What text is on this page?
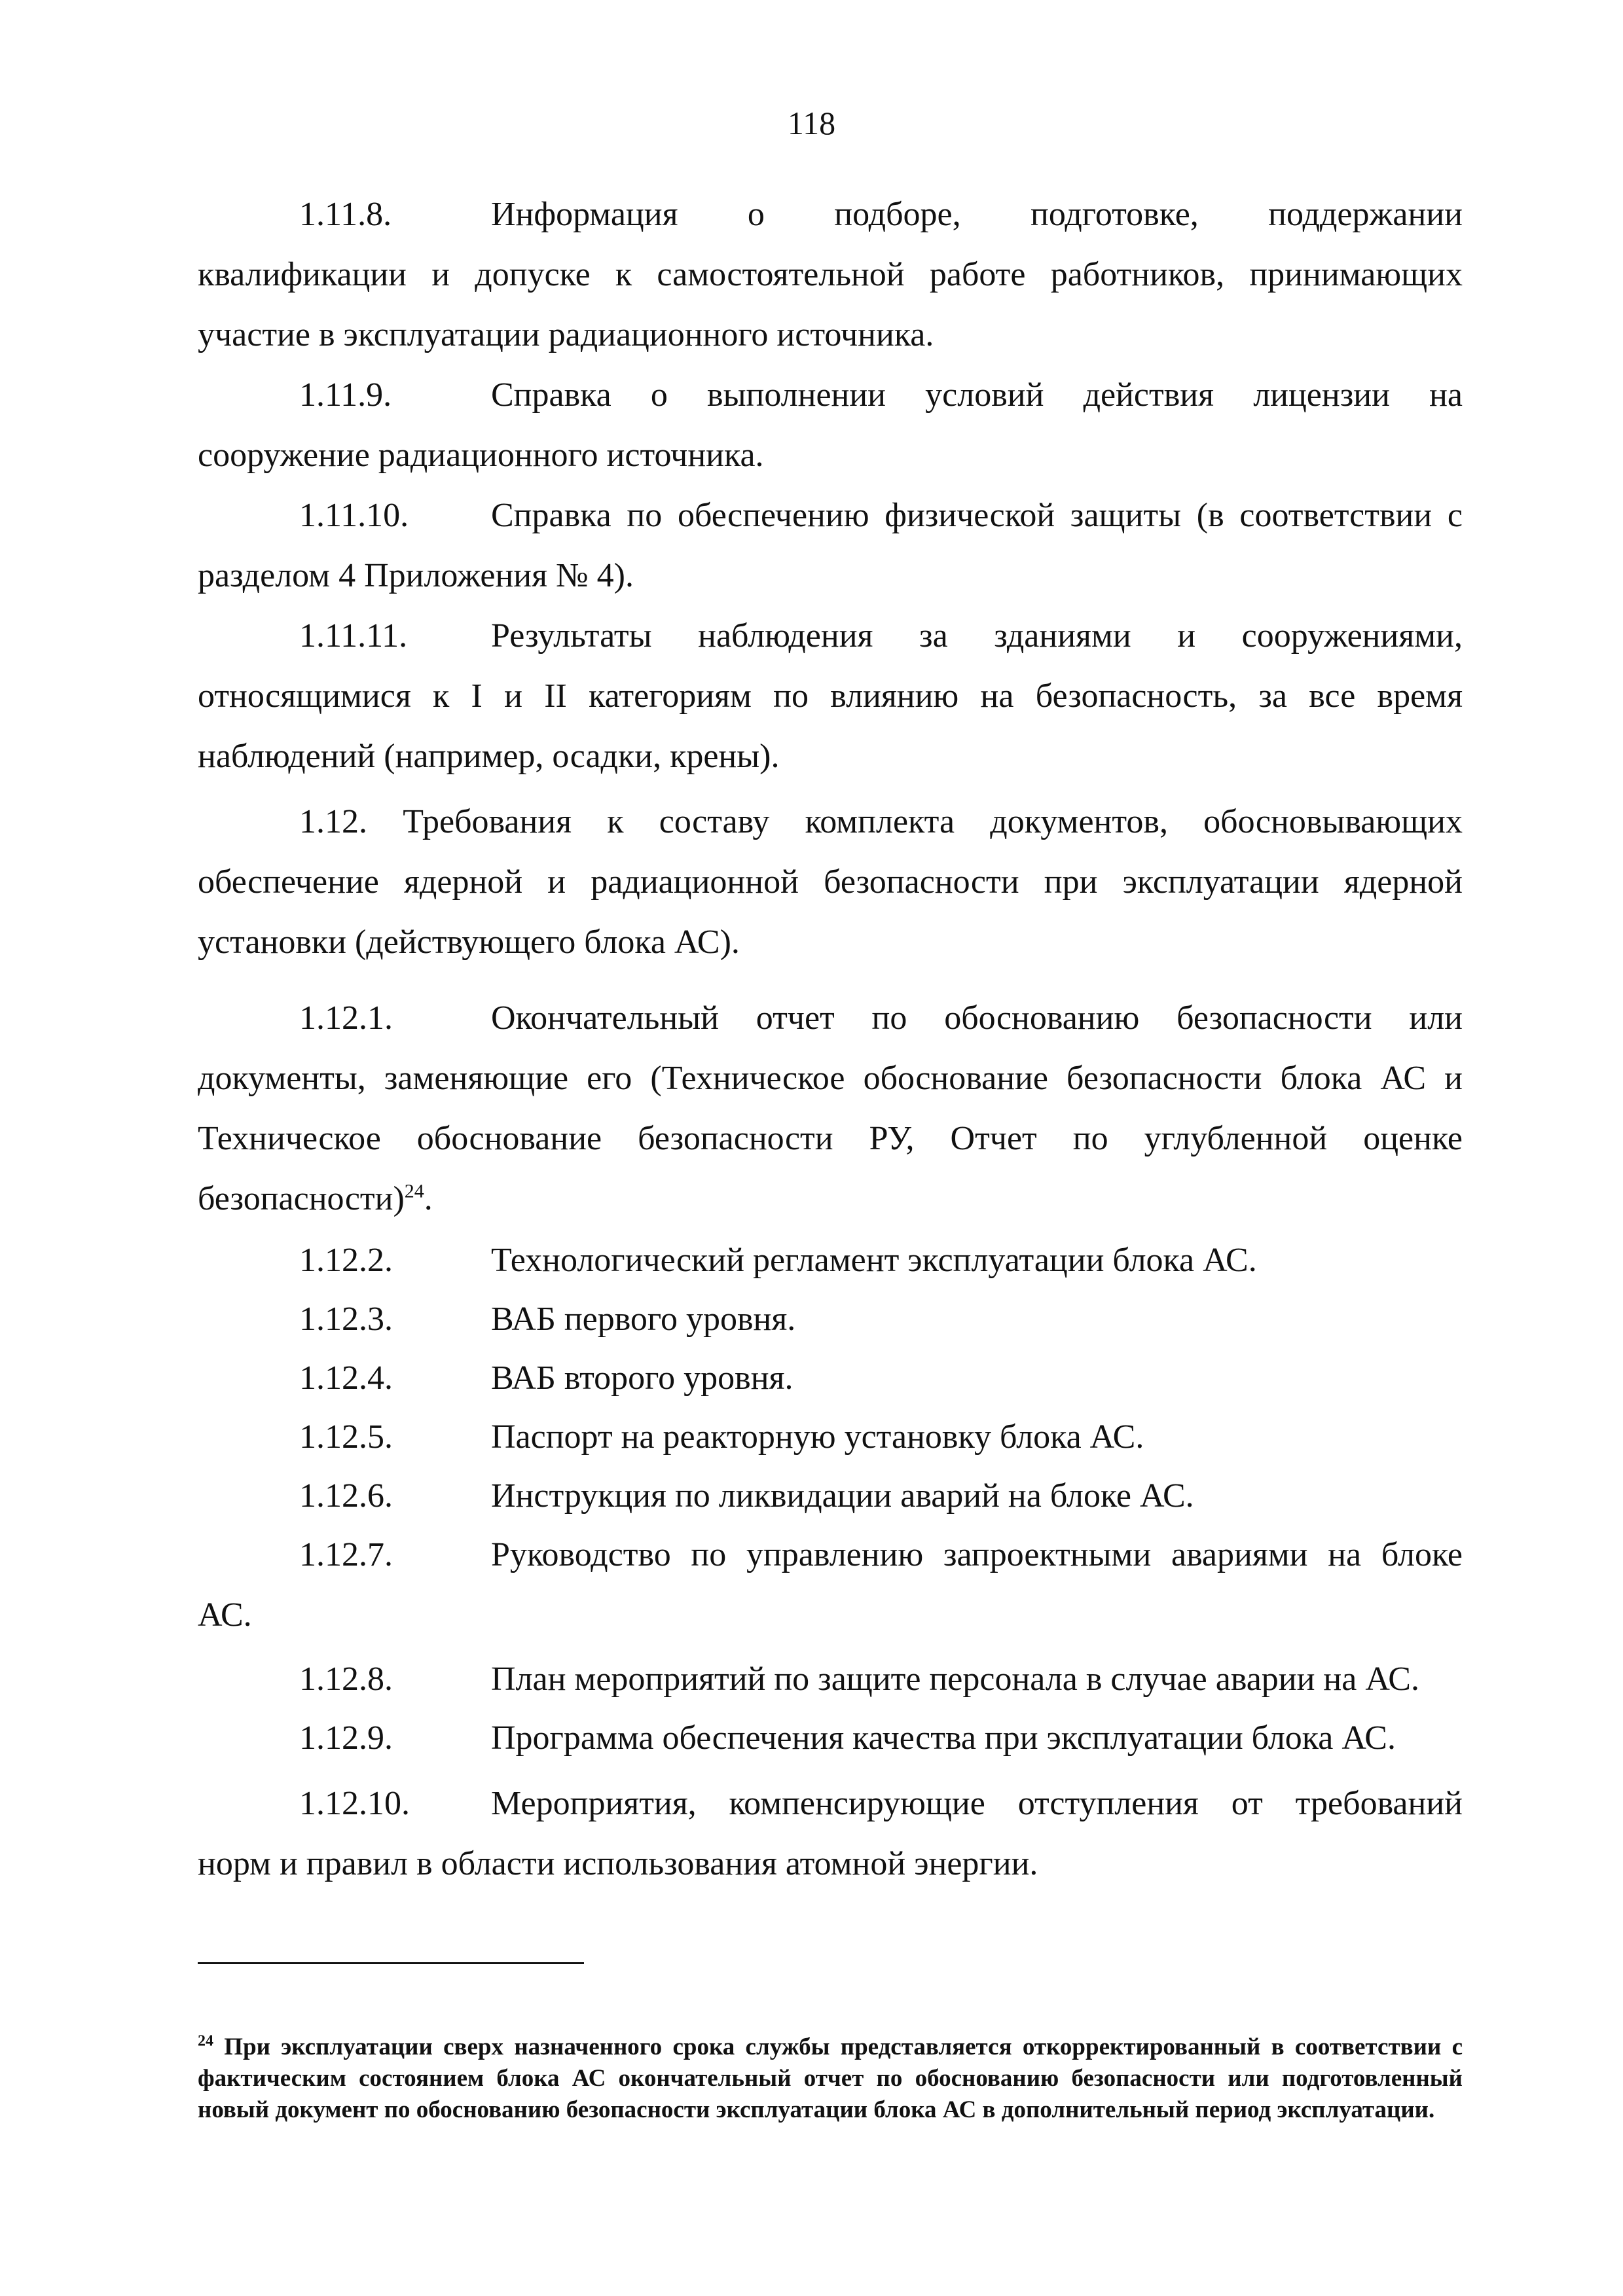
118
1.11.8.	Информация о подборе, подготовке, поддержании
квалификации и допуске к самостоятельной работе работников, принимающих участие в эксплуатации радиационного источника.
1.11.9.	Справка о выполнении условий действия лицензии на
сооружение радиационного источника.
1.11.10. Справка по обеспечению физической защиты (в соответствии с
разделом 4 Приложения № 4).
1.11.11. Результаты наблюдения за зданиями и сооружениями,
относящимися к I и II категориям по влиянию на безопасность, за все время наблюдений (например, осадки, крены).
1.12. Требования к составу комплекта документов, обосновывающих
обеспечение ядерной и радиационной безопасности при эксплуатации ядерной установки (действующего блока АС).
1.12.1.	Окончательный отчет по обоснованию безопасности или
документы, заменяющие его (Техническое обоснование безопасности блока АС и Техническое обоснование безопасности РУ, Отчет по углубленной оценке безопасности)$^{24}$.
1.12.2.	Технологический регламент эксплуатации блока АС.
1.12.3.	ВАБ первого уровня.
1.12.4.	ВАБ второго уровня.
1.12.5.	Паспорт на реакторную установку блока АС.
1.12.6.	Инструкция по ликвидации аварий на блоке АС.
1.12.7.	Руководство по управлению запроектными авариями на блоке
АС.
1.12.8.	План мероприятий по защите персонала в случае аварии на АС.
1.12.9.	Программа обеспечения качества при эксплуатации блока АС.
1.12.10. Мероприятия, компенсирующие отступления от требований
норм и правил в области использования атомной энергии.
$^{24}$ При эксплуатации сверх назначенного срока службы представляется откорректированный в соответствии с фактическим состоянием блока АС окончательный отчет по обоснованию безопасности или подготовленный новый документ по обоснованию безопасности эксплуатации блока АС в дополнительный период эксплуатации.
